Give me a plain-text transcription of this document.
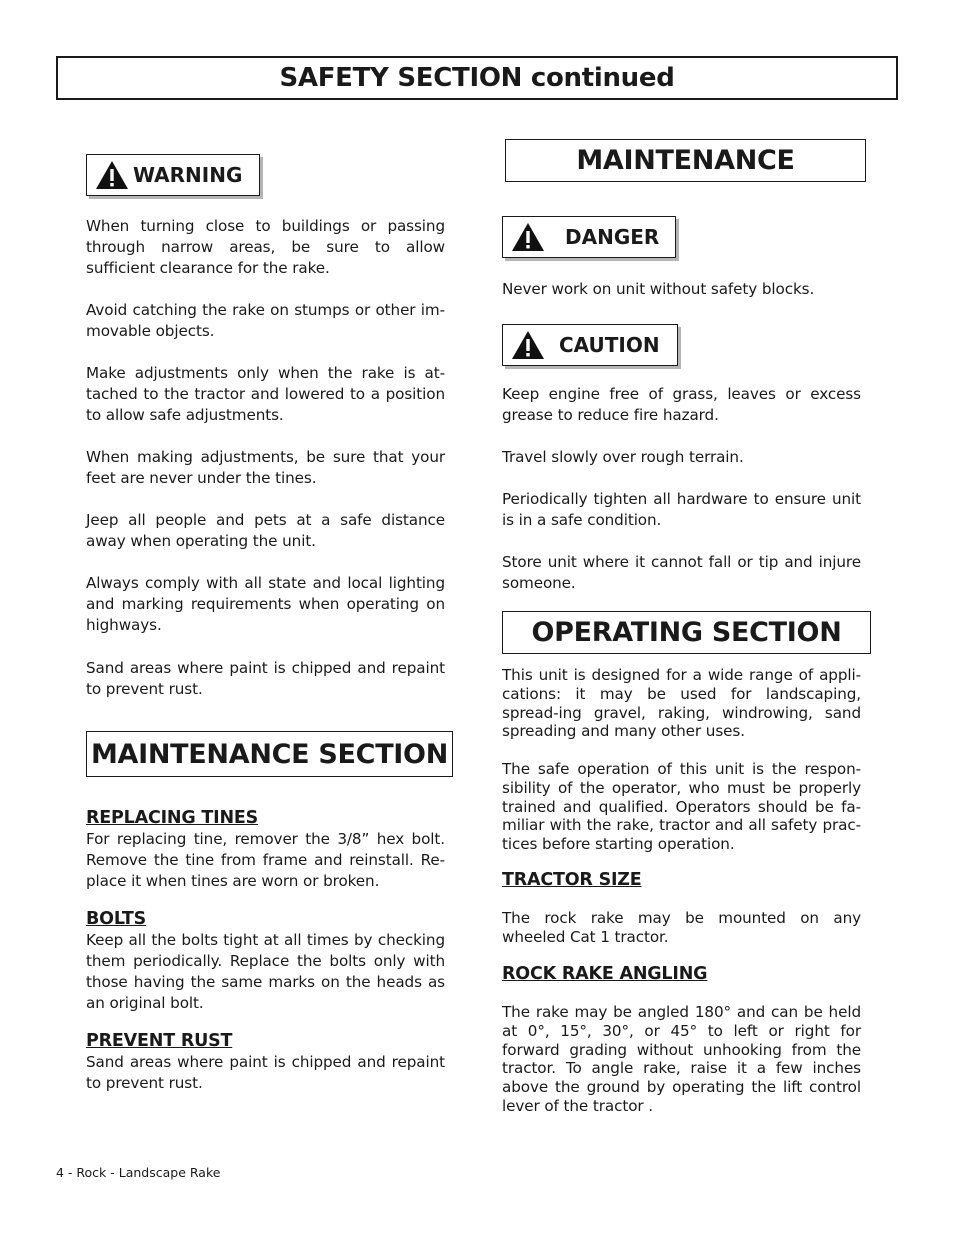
SAFETY SECTION continued
WARNING

When turning close to buildings or passing through narrow areas, be sure to allow sufficient clearance for the rake.

Avoid catching the rake on stumps or other im-movable objects.

Make adjustments only when the rake is at-tached to the tractor and lowered to a position to allow safe adjustments.

When making adjustments, be sure that your feet are never under the tines.

Jeep all people and pets at a safe distance away when operating the unit.

Always comply with all state and local lighting and marking requirements when operating on highways.

Sand areas where paint is chipped and repaint to prevent rust.

MAINTENANCE SECTION

REPLACING TINES

For replacing tine, remover the 3/8” hex bolt. Remove the tine from frame and reinstall. Re-place it when tines are worn or broken.

BOLTS

Keep all the bolts tight at all times by checking them periodically. Replace the bolts only with those having the same marks on the heads as an original bolt.

PREVENT RUST

Sand areas where paint is chipped and repaint to prevent rust.

MAINTENANCE
DANGER

Never work on unit without safety blocks.

CAUTION

Keep engine free of grass, leaves or excess grease to reduce fire hazard.

Travel slowly over rough terrain.

Periodically tighten all hardware to ensure unit is in a safe condition.

Store unit where it cannot fall or tip and injure someone.

OPERATING SECTION

This unit is designed for a wide range of appli-cations: it may be used for landscaping, spread-ing gravel, raking, windrowing, sand spreading and many other uses.

The safe operation of this unit is the respon-sibility of the operator, who must be properly trained and qualified. Operators should be fa-miliar with the rake, tractor and all safety prac-tices before starting operation.

TRACTOR SIZE

The rock rake may be mounted on any wheeled Cat 1 tractor.

ROCK RAKE ANGLING

The rake may be angled 180° and can be held at 0°, 15°, 30°, or 45° to left or right for forward grading without unhooking from the tractor. To angle rake, raise it a few inches above the ground by operating the lift control lever of the tractor .

4 - Rock - Landscape Rake
